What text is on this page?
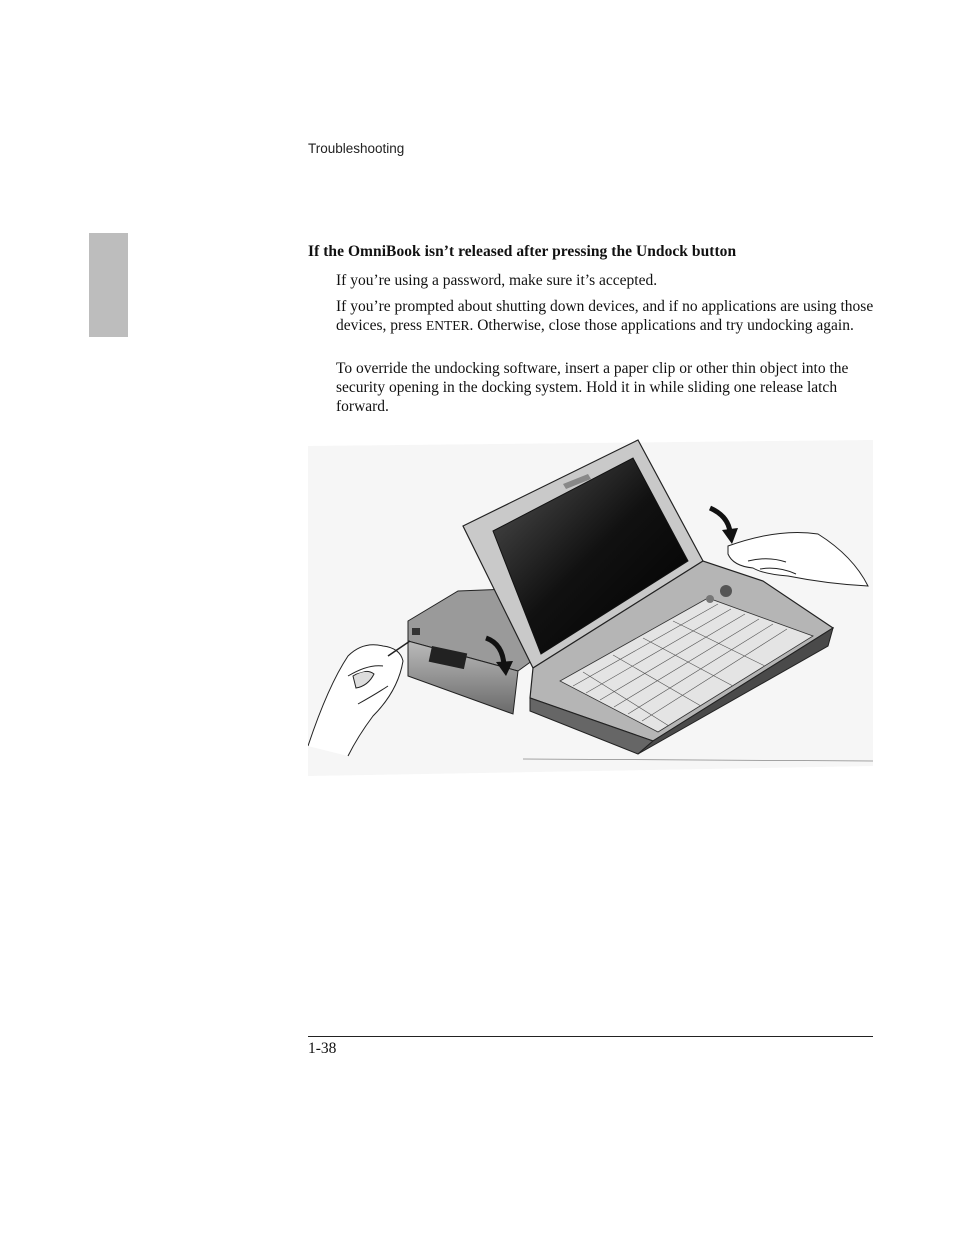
Troubleshooting
If the OmniBook isn’t released after pressing the Undock button
If you’re using a password, make sure it’s accepted.
If you’re prompted about shutting down devices, and if no applications are using those devices, press ENTER. Otherwise, close those applications and try undocking again.
To override the undocking software, insert a paper clip or other thin object into the security opening in the docking system. Hold it in while sliding one release latch forward.
1-38
